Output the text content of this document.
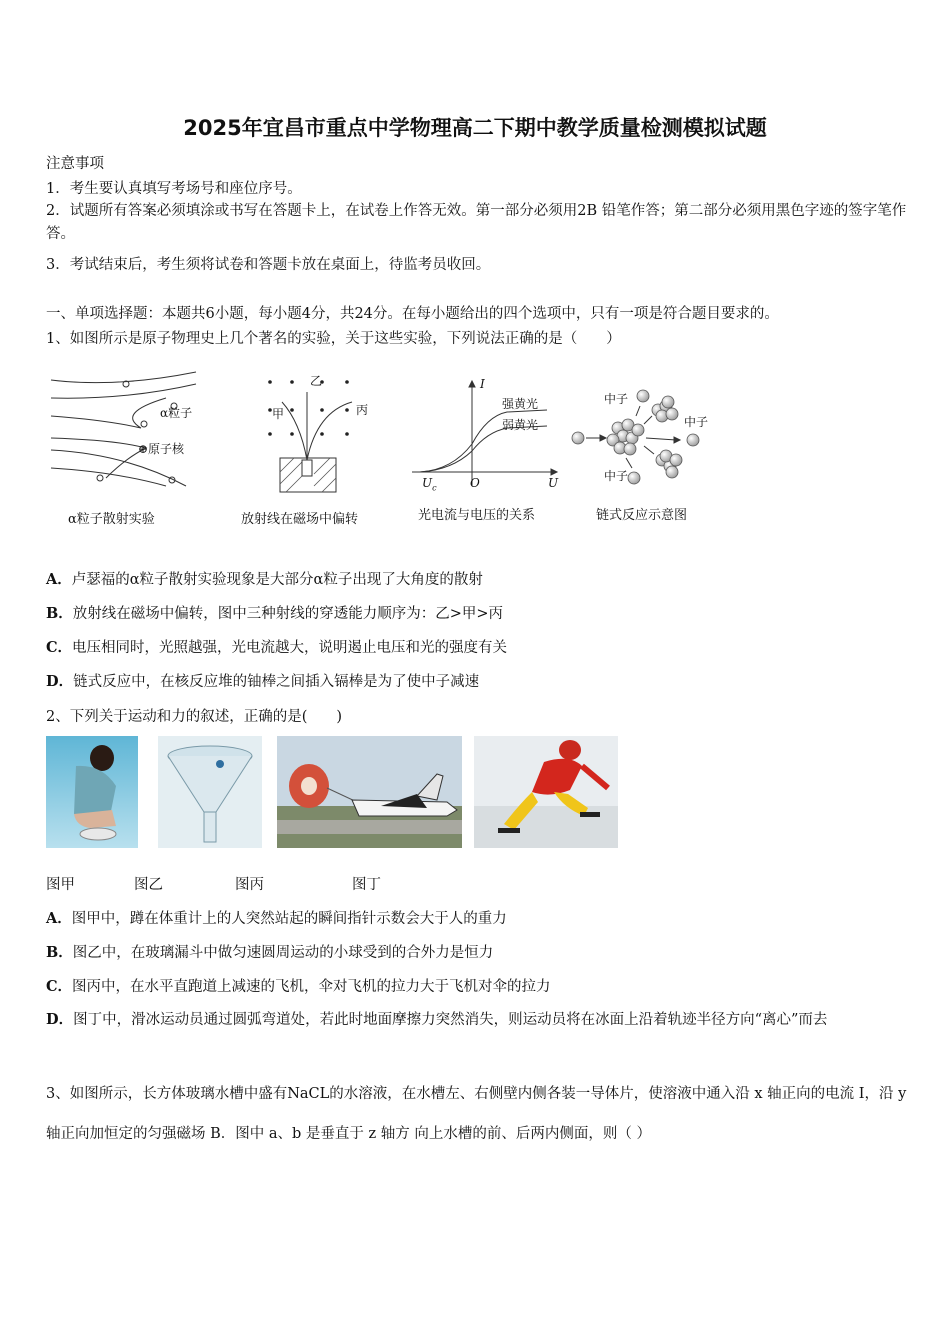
2025年宜昌市重点中学物理高二下期中教学质量检测模拟试题
注意事项
1．考生要认真填写考场号和座位序号。
2．试题所有答案必须填涂或书写在答题卡上，在试卷上作答无效。第一部分必须用2B 铅笔作答；第二部分必须用黑色字迹的签字笔作答。
3．考试结束后，考生须将试卷和答题卡放在桌面上，待监考员收回。
一、单项选择题：本题共6小题，每小题4分，共24分。在每小题给出的四个选项中，只有一项是符合题目要求的。
1、如图所示是原子物理史上几个著名的实验，关于这些实验，下列说法正确的是（　　）
α粒子
⊕原子核
α粒子散射实验
乙
甲	丙
放射线在磁场中偏转
I
强黄光
弱黄光
$U_c$	O	U
光电流与电压的关系
中子
中子
中子
链式反应示意图
A．卢瑟福的α粒子散射实验现象是大部分α粒子出现了大角度的散射
B．放射线在磁场中偏转，图中三种射线的穿透能力顺序为：乙>甲>丙
C．电压相同时，光照越强，光电流越大，说明遏止电压和光的强度有关
D．链式反应中，在核反应堆的铀棒之间插入镉棒是为了使中子减速
2、下列关于运动和力的叙述，正确的是(　　)
图甲	图乙	图丙	图丁
A．图甲中，蹲在体重计上的人突然站起的瞬间指针示数会大于人的重力
B．图乙中，在玻璃漏斗中做匀速圆周运动的小球受到的合外力是恒力
C．图丙中，在水平直跑道上减速的飞机，伞对飞机的拉力大于飞机对伞的拉力
D．图丁中，滑冰运动员通过圆弧弯道处，若此时地面摩擦力突然消失，则运动员将在冰面上沿着轨迹半径方向“离心”而去
3、如图所示，长方体玻璃水槽中盛有NaCL的水溶液，在水槽左、右侧壁内侧各装一导体片，使溶液中通入沿 x 轴正向的电流 I，沿 y 轴正向加恒定的匀强磁场 B．图中 a、b 是垂直于 z 轴方 向上水槽的前、后两内侧面，则（ ）
